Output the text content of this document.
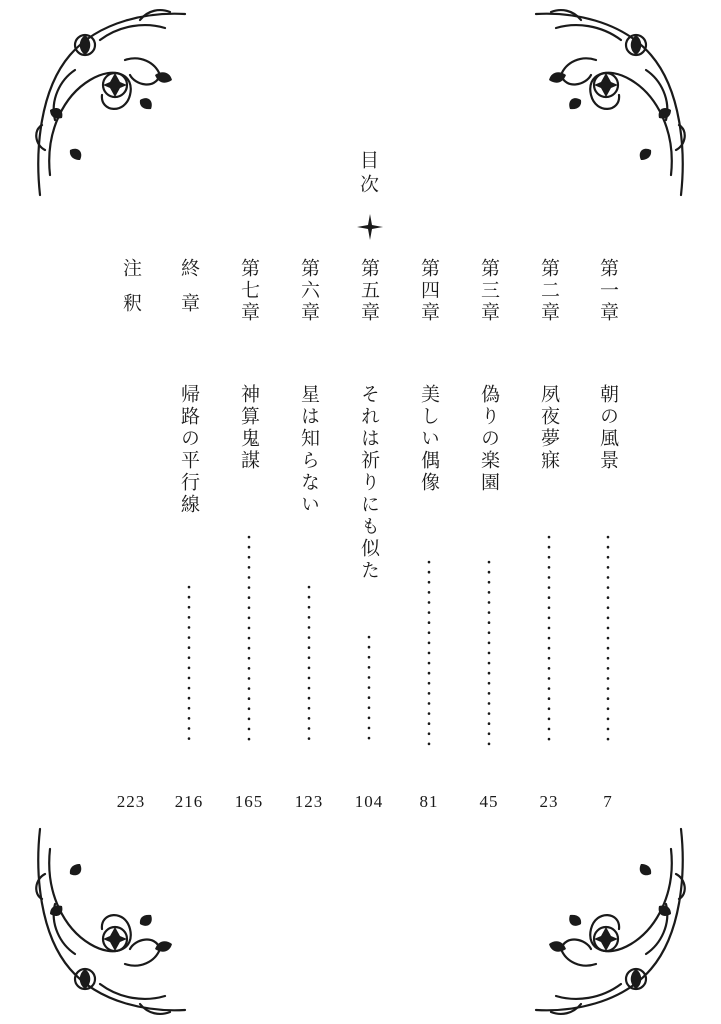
目次
第一章
朝の風景
7
第二章
夙夜夢寐
23
第三章
偽りの楽園
45
第四章
美しい偶像
81
第五章
それは祈りにも似た
104
第六章
星は知らない
123
第七章
神算鬼謀
165
終章
帰路の平行線
216
注釈
223
